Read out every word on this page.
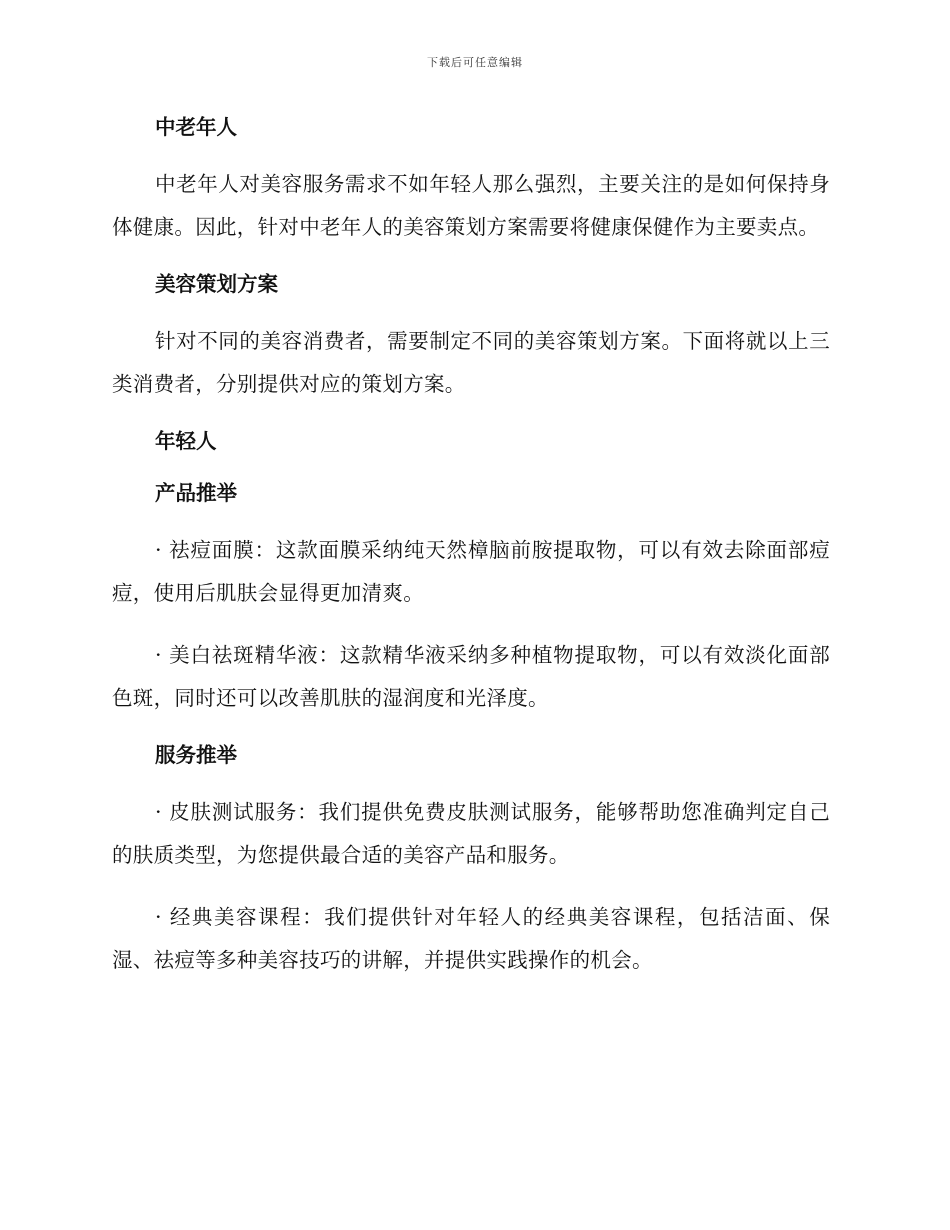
下载后可任意编辑
中老年人

中老年人对美容服务需求不如年轻人那么强烈，主要关注的是如何保持身体健康。因此，针对中老年人的美容策划方案需要将健康保健作为主要卖点。

美容策划方案

针对不同的美容消费者，需要制定不同的美容策划方案。下面将就以上三类消费者，分别提供对应的策划方案。

年轻人
产品推举

· 祛痘面膜：这款面膜采纳纯天然樟脑前胺提取物，可以有效去除面部痘痘，使用后肌肤会显得更加清爽。

· 美白祛斑精华液：这款精华液采纳多种植物提取物，可以有效淡化面部色斑，同时还可以改善肌肤的湿润度和光泽度。

服务推举

· 皮肤测试服务：我们提供免费皮肤测试服务，能够帮助您准确判定自己的肤质类型，为您提供最合适的美容产品和服务。

· 经典美容课程：我们提供针对年轻人的经典美容课程，包括洁面、保湿、祛痘等多种美容技巧的讲解，并提供实践操作的机会。
